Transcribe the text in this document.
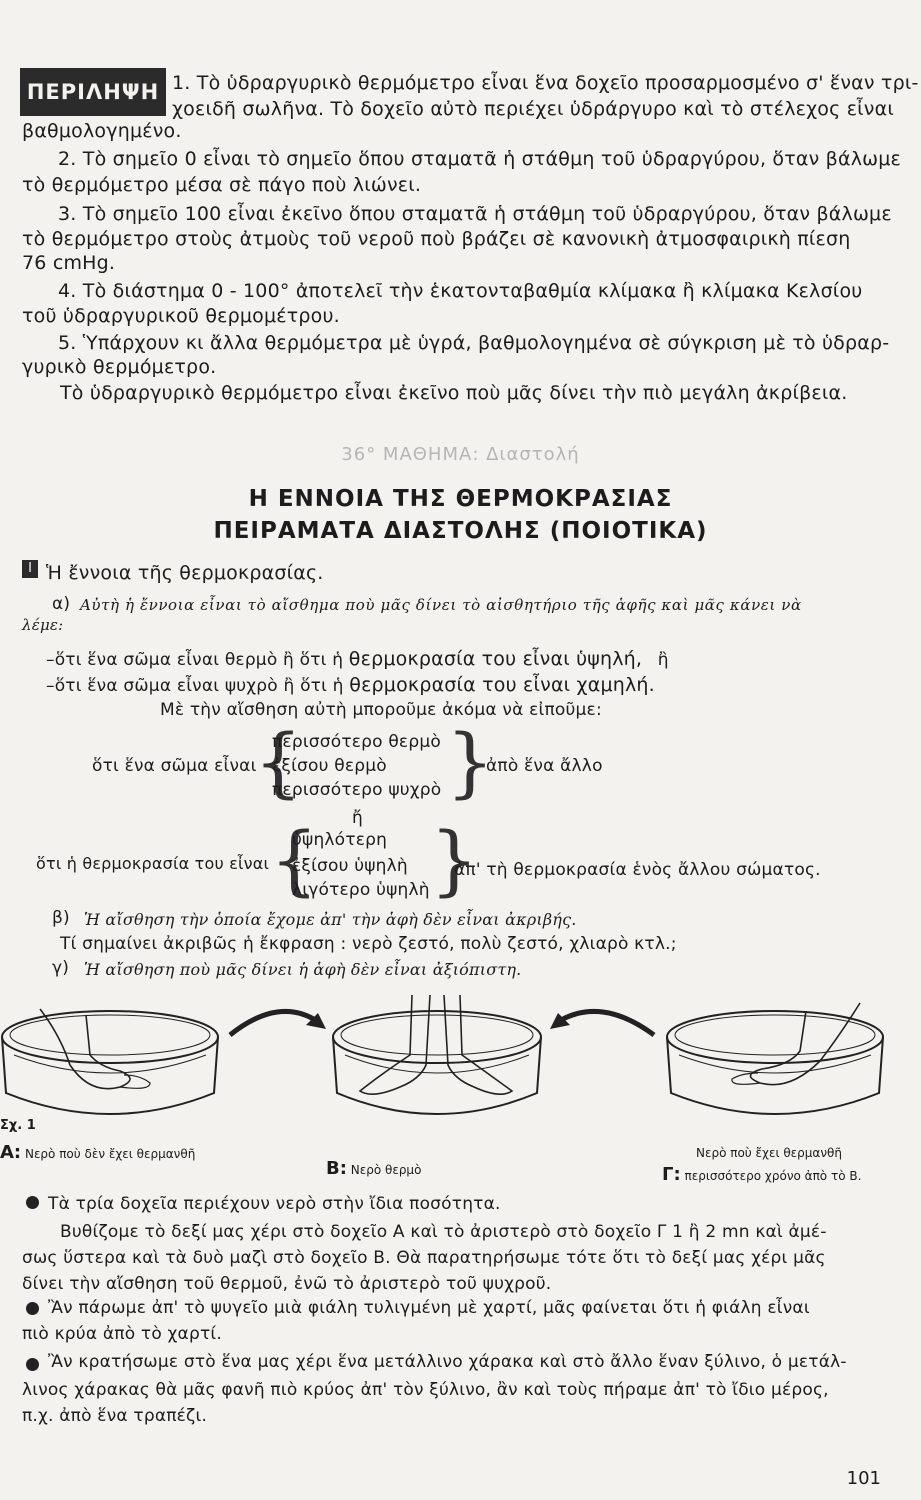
ΠΕΡΙΛΗΨΗ 1. Τὸ ὑδραργυρικὸ θερμόμετρο εἶναι ἕνα δοχεῖο προσαρμοσμένο σ' ἕναν τρι-
χοειδῆ σωλῆνα. Τὸ δοχεῖο αὐτὸ περιέχει ὑδράργυρο καὶ τὸ στέλεχος εἶναι
βαθμολογημένο.
2. Τὸ σημεῖο 0 εἶναι τὸ σημεῖο ὅπου σταματᾶ ἡ στάθμη τοῦ ὑδραργύρου, ὅταν βάλωμε
τὸ θερμόμετρο μέσα σὲ πάγο ποὺ λιώνει.
3. Τὸ σημεῖο 100 εἶναι ἐκεῖνο ὅπου σταματᾶ ἡ στάθμη τοῦ ὑδραργύρου, ὅταν βάλωμε
τὸ θερμόμετρο στοὺς ἀτμοὺς τοῦ νεροῦ ποὺ βράζει σὲ κανονικὴ ἀτμοσφαιρικὴ πίεση
76 cmHg.
4. Τὸ διάστημα 0 - 100° ἀποτελεῖ τὴν ἑκατονταβαθμία κλίμακα ἢ κλίμακα Κελσίου
τοῦ ὑδραργυρικοῦ θερμομέτρου.
5. Ὑπάρχουν κι ἄλλα θερμόμετρα μὲ ὑγρά, βαθμολογημένα σὲ σύγκριση μὲ τὸ ὑδραρ-
γυρικὸ θερμόμετρο.
Τὸ ὑδραργυρικὸ θερμόμετρο εἶναι ἐκεῖνο ποὺ μᾶς δίνει τὴν πιὸ μεγάλη ἀκρίβεια.
36° ΜΑΘΗΜΑ: Διαστολή
Η ΕΝΝΟΙΑ ΤΗΣ ΘΕΡΜΟΚΡΑΣΙΑΣ
ΠΕΙΡΑΜΑΤΑ ΔΙΑΣΤΟΛΗΣ (ΠΟΙΟΤΙΚΑ)
I Ἡ ἔννοια τῆς θερμοκρασίας.
α) Αὐτὴ ἡ ἔννοια εἶναι τὸ αἴσθημα ποὺ μᾶς δίνει τὸ αἰσθητήριο τῆς ἁφῆς καὶ μᾶς κάνει νὰ
λέμε:
–ὅτι ἕνα σῶμα εἶναι θερμὸ ἢ ὅτι ἡ θερμοκρασία του εἶναι ὑψηλή, ἢ
–ὅτι ἕνα σῶμα εἶναι ψυχρὸ ἢ ὅτι ἡ θερμοκρασία του εἶναι χαμηλή.
Μὲ τὴν αἴσθηση αὐτὴ μποροῦμε ἀκόμα νὰ εἰποῦμε:
ὅτι ἕνα σῶμα εἶναι
{
περισσότερο θερμὸ
ἐξίσου θερμὸ
περισσότερο ψυχρὸ }
ἀπὸ ἕνα ἄλλο
ἤ
ὅτι ἡ θερμοκρασία του εἶναι {
ὑψηλότερη
ἐξίσου ὑψηλὴ
λιγότερο ὑψηλὴ }
ἀπ' τὴ θερμοκρασία ἑνὸς ἄλλου σώματος.
β) Ἡ αἴσθηση τὴν ὁποία ἔχομε ἀπ' τὴν ἁφὴ δὲν εἶναι ἀκριβής.
Τί σημαίνει ἀκριβῶς ἡ ἔκφραση : νερὸ ζεστό, πολὺ ζεστό, χλιαρὸ κτλ.;
γ) Ἡ αἴσθηση ποὺ μᾶς δίνει ἡ ἁφὴ δὲν εἶναι ἀξιόπιστη.
Σχ. 1
Α: Νερὸ ποὺ δὲν ἔχει θερμανθῆ
Β: Νερὸ θερμὸ
Νερὸ ποὺ ἔχει θερμανθῆ
Γ: περισσότερο χρόνο ἀπὸ τὸ Β.
Τὰ τρία δοχεῖα περιέχουν νερὸ στὴν ἴδια ποσότητα.
Βυθίζομε τὸ δεξί μας χέρι στὸ δοχεῖο Α καὶ τὸ ἀριστερὸ στὸ δοχεῖο Γ 1 ἢ 2 mn καὶ ἀμέ-
σως ὕστερα καὶ τὰ δυὸ μαζὶ στὸ δοχεῖο Β. Θὰ παρατηρήσωμε τότε ὅτι τὸ δεξί μας χέρι μᾶς
δίνει τὴν αἴσθηση τοῦ θερμοῦ, ἐνῶ τὸ ἀριστερὸ τοῦ ψυχροῦ.
Ἂν πάρωμε ἀπ' τὸ ψυγεῖο μιὰ φιάλη τυλιγμένη μὲ χαρτί, μᾶς φαίνεται ὅτι ἡ φιάλη εἶναι
πιὸ κρύα ἀπὸ τὸ χαρτί.
Ἂν κρατήσωμε στὸ ἕνα μας χέρι ἕνα μετάλλινο χάρακα καὶ στὸ ἄλλο ἕναν ξύλινο, ὁ μετάλ-
λινος χάρακας θὰ μᾶς φανῆ πιὸ κρύος ἀπ' τὸν ξύλινο, ἂν καὶ τοὺς πήραμε ἀπ' τὸ ἴδιο μέρος,
π.χ. ἀπὸ ἕνα τραπέζι.
101
